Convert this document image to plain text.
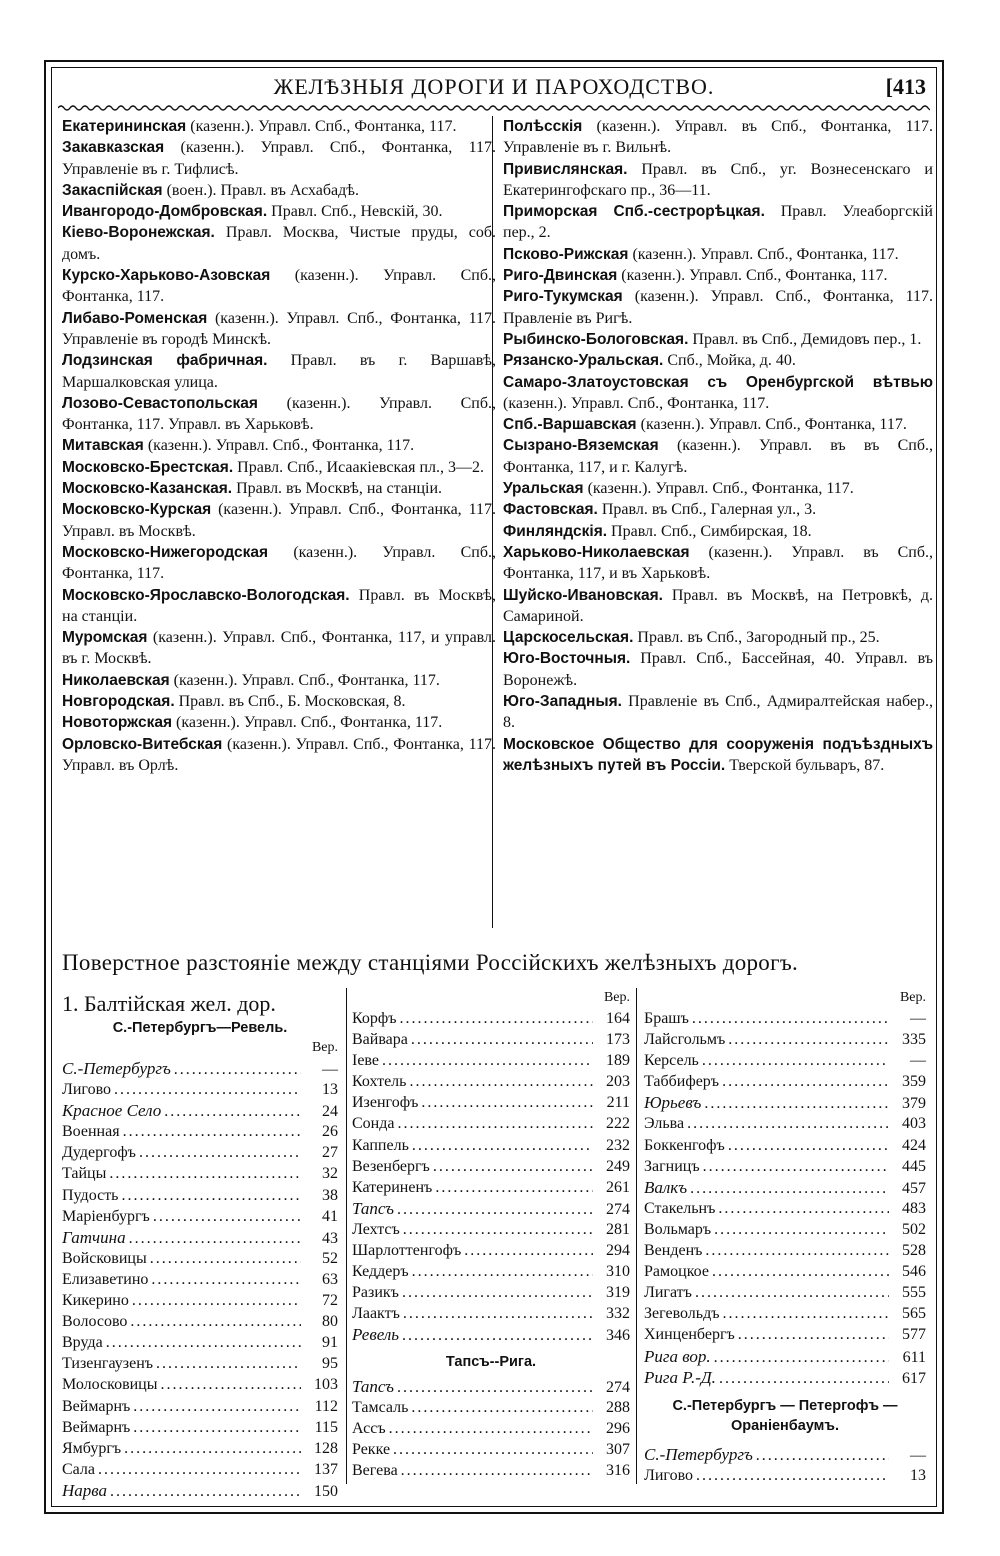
ЖЕЛѢЗНЫЯ ДОРОГИ И ПАРОХОДСТВО.	[413

Екатерининская (казенн.). Управл. Спб., Фонтанка, 117.

Закавказская (казенн.). Управл. Спб., Фонтанка, 117. Управленіе въ г. Тифлисѣ.

Закаспійская (воен.). Правл. въ Асхабадѣ.

Ивангородо-Домбровская. Правл. Спб., Невскій, 30.

Кіево-Воронежская. Правл. Москва, Чистые пруды, соб. домъ.

Курско-Харьково-Азовская (казенн.). Управл. Спб., Фонтанка, 117.

Либаво-Роменская (казенн.). Управл. Спб., Фонтанка, 117. Управленіе въ городѣ Минскѣ.

Лодзинская фабричная. Правл. въ г. Варшавѣ, Маршалковская улица.

Лозово-Севастопольская (казенн.). Управл. Спб., Фонтанка, 117. Управл. въ Харьковѣ.

Митавская (казенн.). Управл. Спб., Фонтанка, 117.

Московско-Брестская. Правл. Спб., Исаакіевская пл., 3—2.

Московско-Казанская. Правл. въ Москвѣ, на станціи.

Московско-Курская (казенн.). Управл. Спб., Фонтанка, 117. Управл. въ Москвѣ.

Московско-Нижегородская (казенн.). Управл. Спб., Фонтанка, 117.

Московско-Ярославско-Вологодская. Правл. въ Москвѣ, на станціи.

Муромская (казенн.). Управл. Спб., Фонтанка, 117, и управл. въ г. Москвѣ.

Николаевская (казенн.). Управл. Спб., Фонтанка, 117.

Новгородская. Правл. въ Спб., Б. Московская, 8.

Новоторжская (казенн.). Управл. Спб., Фонтанка, 117.

Орловско-Витебская (казенн.). Управл. Спб., Фонтанка, 117. Управл. въ Орлѣ.

Полѣсскія (казенн.). Управл. въ Спб., Фонтанка, 117. Управленіе въ г. Вильнѣ.

Привислянская. Правл. въ Спб., уг. Вознесенскаго и Екатерингофскаго пр., 36—11.

Приморская Спб.-сестрорѣцкая. Правл. Улеаборгскій пер., 2.

Псково-Рижская (казенн.). Управл. Спб., Фонтанка, 117.

Риго-Двинская (казенн.). Управл. Спб., Фонтанка, 117.

Риго-Тукумская (казенн.). Управл. Спб., Фонтанка, 117. Правленіе въ Ригѣ.

Рыбинско-Бологовская. Правл. въ Спб., Демидовъ пер., 1.

Рязанско-Уральская. Спб., Мойка, д. 40.

Самаро-Златоустовская съ Оренбургской вѣтвью (казенн.). Управл. Спб., Фонтанка, 117.

Спб.-Варшавская (казенн.). Управл. Спб., Фонтанка, 117.

Сызрано-Вяземская (казенн.). Управл. въ въ Спб., Фонтанка, 117, и г. Калугѣ.

Уральская (казенн.). Управл. Спб., Фонтанка, 117.

Фастовская. Правл. въ Спб., Галерная ул., 3.

Финляндскія. Правл. Спб., Симбирская, 18.

Харьково-Николаевская (казенн.). Управл. въ Спб., Фонтанка, 117, и въ Харьковѣ.

Шуйско-Ивановская. Правл. въ Москвѣ, на Петровкѣ, д. Самариной.

Царскосельская. Правл. въ Спб., Загородный пр., 25.

Юго-Восточныя. Правл. Спб., Бассейная, 40. Управл. въ Воронежѣ.

Юго-Западныя. Правленіе въ Спб., Адмиралтейская набер., 8.

Московское Общество для сооруженія подъѣздныхъ желѣзныхъ путей въ Россіи. Тверской бульваръ, 87.

Поверстное разстояніе между станціями Россійскихъ желѣзныхъ дорогъ.
1. Балтійская жел. дор.
С.-Петербургъ—Ревель.
Вер.
С.-Петербургъ . . .	—
Лигово . . .	13
Красное Село . . .	24
Военная . . .	26
Дудергофъ . . .	27
Тайцы . . .	32
Пудость . . .	38
Маріенбургъ . . .	41
Гатчина . . .	43
Войсковицы . . .	52
Елизаветино . . .	63
Кикерино . . .	72
Волосово . . .	80
Вруда . . .	91
Тизенгаузенъ . . .	95
Молосковицы . . .	103
Веймарнъ . . .	112
Веймарнъ . . .	115
Ямбургъ . . .	128
Сала . . .	137
Нарва . . .	150
Вер.
Корфъ . . .	164
Вайвара . . .	173
Іеве . . .	189
Кохтель . . .	203
Изенгофъ . . .	211
Сонда . . .	222
Каппель . . .	232
Везенбергъ . . .	249
Катериненъ . . .	261
Тапсъ . . .	274
Лехтсъ . . .	281
Шарлоттенгофъ . . .	294
Кеддеръ . . .	310
Разикъ . . .	319
Лаактъ . . .	332
Ревель . . .	346
Тапсъ--Рига.
Тапсъ . . .	274
Тамсаль . . .	288
Ассъ . . .	296
Рекке . . .	307
Вегева . . .	316
Вер.
Брашъ . . .	—
Лайсгольмъ . . .	335
Керсель . . .	—
Таббиферъ . . .	359
Юрьевъ . . .	379
Эльва . . .	403
Боккенгофъ . . .	424
Загницъ . . .	445
Валкъ . . .	457
Стакельнъ . . .	483
Вольмаръ . . .	502
Венденъ . . .	528
Рамоцкое . . .	546
Лигатъ . . .	555
Зегевольдъ . . .	565
Хинценбергъ . . .	577
Рига вор. . . .	611
Рига Р.-Д. . . .	617
С.-Петербургъ — Петергофъ — Ораніенбаумъ.
С.-Петербургъ . . .	—
Лигово . . .	13
